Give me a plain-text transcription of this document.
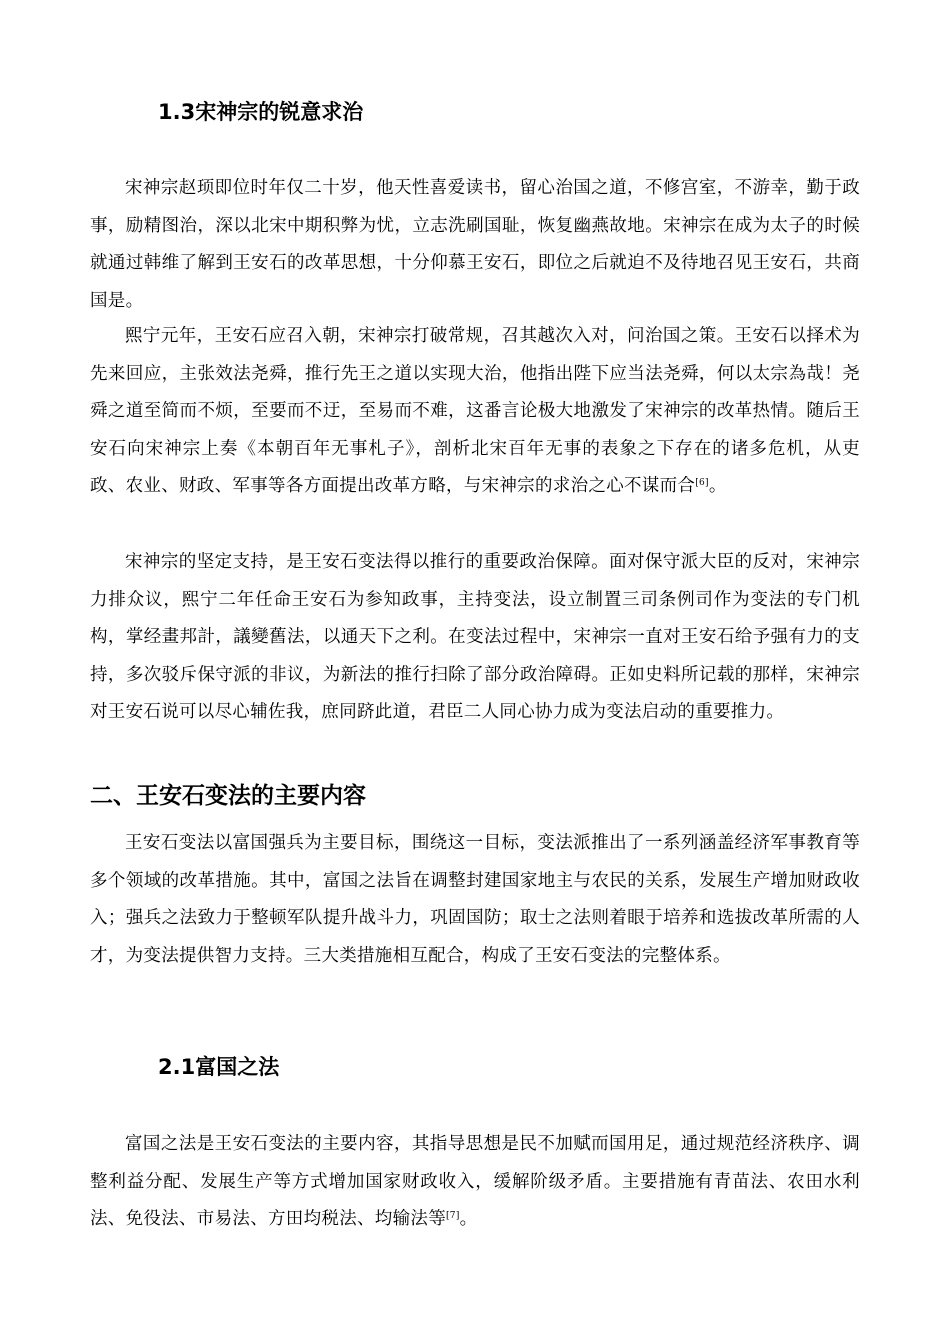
1.3宋神宗的锐意求治

宋神宗赵顼即位时年仅二十岁，他天性喜爱读书，留心治国之道，不修宫室，不游幸，勤于政事，励精图治，深以北宋中期积弊为忧，立志洗刷国耻，恢复幽燕故地。宋神宗在成为太子的时候就通过韩维了解到王安石的改革思想，十分仰慕王安石，即位之后就迫不及待地召见王安石，共商国是。

熙宁元年，王安石应召入朝，宋神宗打破常规，召其越次入对，问治国之策。王安石以择术为先来回应，主张效法尧舜，推行先王之道以实现大治，他指出陛下应当法尧舜，何以太宗為哉！尧舜之道至简而不烦，至要而不迂，至易而不难，这番言论极大地激发了宋神宗的改革热情。随后王安石向宋神宗上奏《本朝百年无事札子》，剖析北宋百年无事的表象之下存在的诸多危机，从吏政、农业、财政、军事等各方面提出改革方略，与宋神宗的求治之心不谋而合[6]。

宋神宗的坚定支持，是王安石变法得以推行的重要政治保障。面对保守派大臣的反对，宋神宗力排众议，熙宁二年任命王安石为参知政事，主持变法，设立制置三司条例司作为变法的专门机构，掌经畫邦計，議變舊法，以通天下之利。在变法过程中，宋神宗一直对王安石给予强有力的支持，多次驳斥保守派的非议，为新法的推行扫除了部分政治障碍。正如史料所记载的那样，宋神宗对王安石说可以尽心辅佐我，庶同跻此道，君臣二人同心协力成为变法启动的重要推力。

二、王安石变法的主要内容

王安石变法以富国强兵为主要目标，围绕这一目标，变法派推出了一系列涵盖经济军事教育等多个领域的改革措施。其中，富国之法旨在调整封建国家地主与农民的关系，发展生产增加财政收入；强兵之法致力于整顿军队提升战斗力，巩固国防；取士之法则着眼于培养和选拔改革所需的人才，为变法提供智力支持。三大类措施相互配合，构成了王安石变法的完整体系。

2.1富国之法

富国之法是王安石变法的主要内容，其指导思想是民不加赋而国用足，通过规范经济秩序、调整利益分配、发展生产等方式增加国家财政收入，缓解阶级矛盾。主要措施有青苗法、农田水利法、免役法、市易法、方田均税法、均输法等[7]。
